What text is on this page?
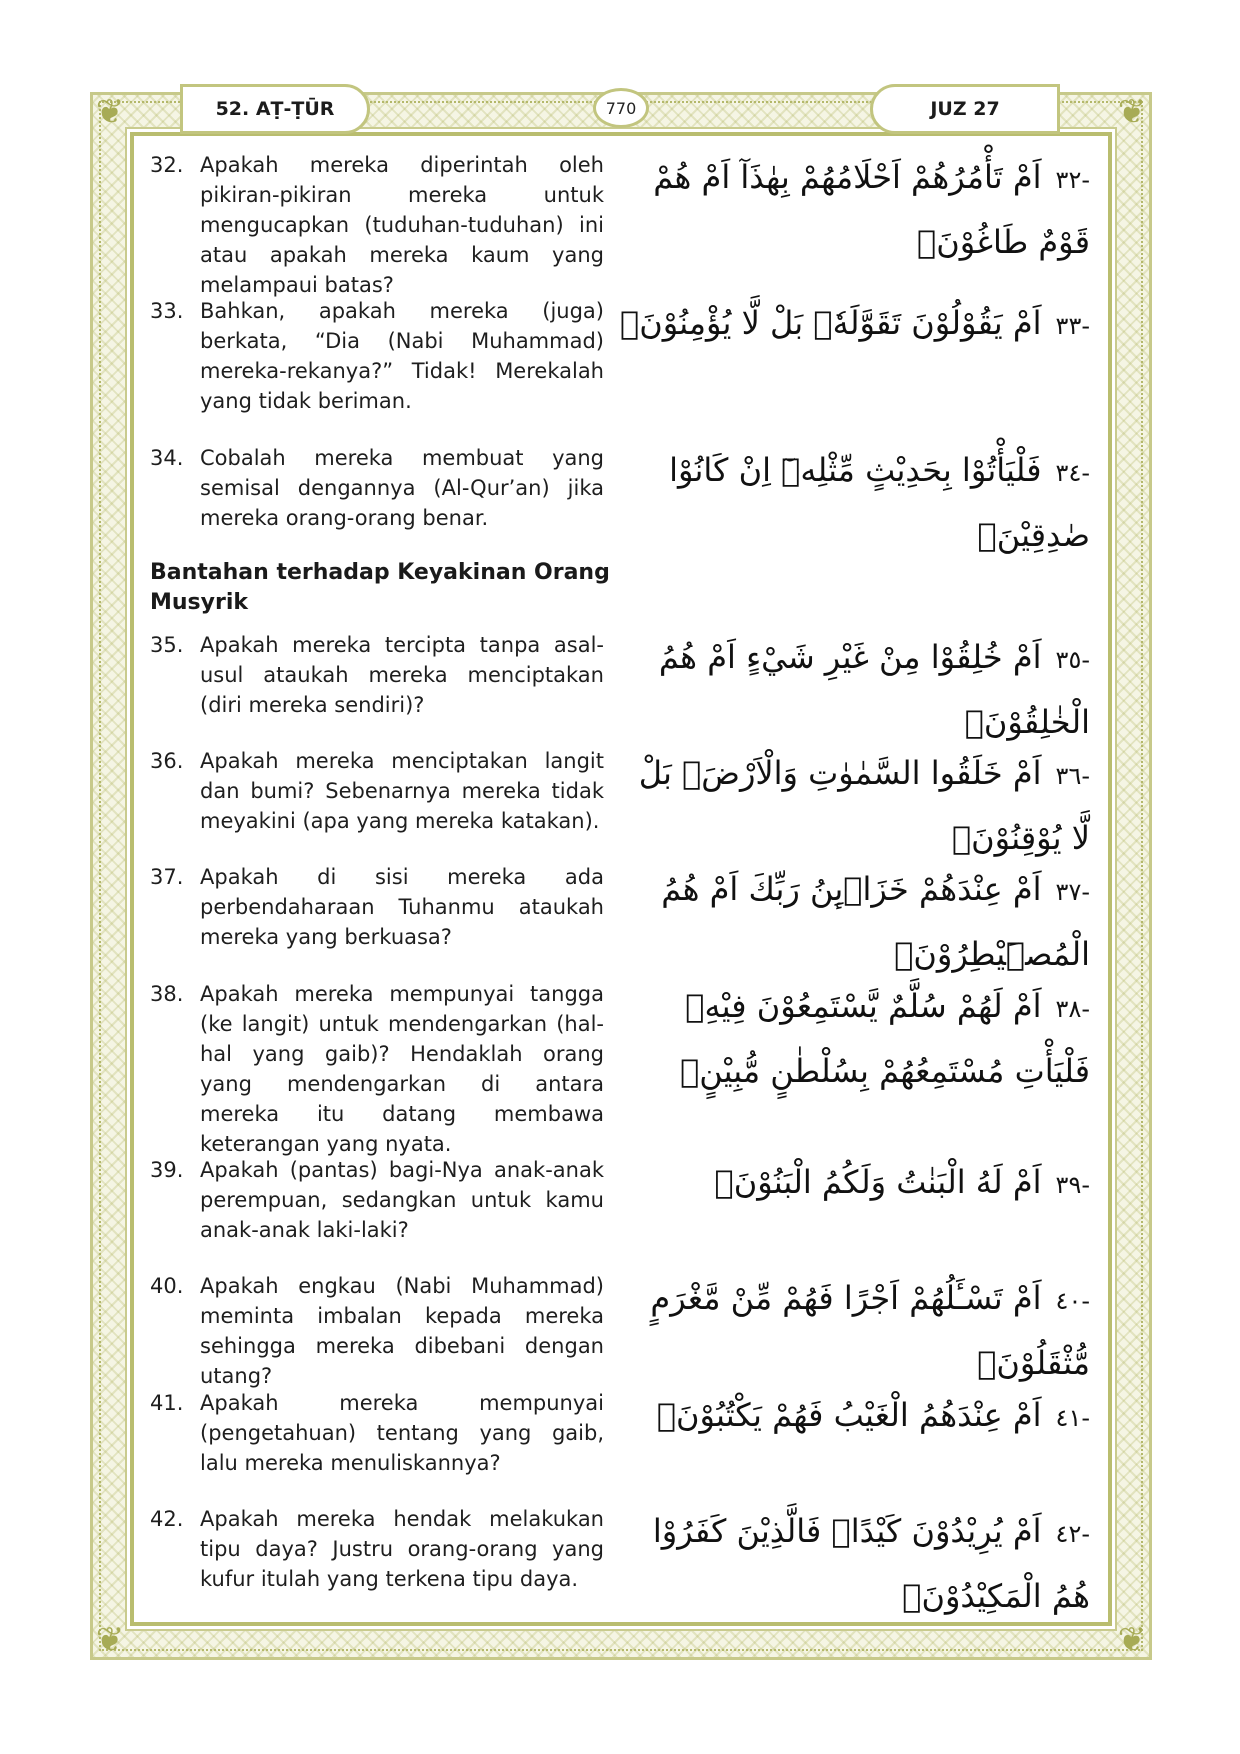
❦	❦
❦	❦
52. AṬ-ṬŪR	770	JUZ 27
32. Apakah mereka diperintah oleh pikiran-pikiran mereka untuk mengucapkan (tuduhan-tuduhan) ini atau apakah mereka kaum yang melampaui batas?
-٣٢اَمْ تَأْمُرُهُمْ اَحْلَامُهُمْ بِهٰذَآ اَمْ هُمْ قَوْمٌ طَاغُوْنَۚ
33. Bahkan, apakah mereka (juga) berkata, “Dia (Nabi Muhammad) mereka-rekanya?” Tidak! Merekalah yang tidak beriman.
-٣٣اَمْ يَقُوْلُوْنَ تَقَوَّلَهٗۚ بَلْ لَّا يُؤْمِنُوْنَۚ
34. Cobalah mereka membuat yang semisal dengannya (Al-Qur’an) jika mereka orang-orang benar.
-٣٤فَلْيَأْتُوْا بِحَدِيْثٍ مِّثْلِهٖٓ اِنْ كَانُوْا صٰدِقِيْنَۗ
Bantahan terhadap Keyakinan Orang Musyrik
35. Apakah mereka tercipta tanpa asal-usul ataukah mereka menciptakan (diri mereka sendiri)?
-٣٥اَمْ خُلِقُوْا مِنْ غَيْرِ شَيْءٍ اَمْ هُمُ الْخٰلِقُوْنَۗ
36. Apakah mereka menciptakan langit dan bumi? Sebenarnya mereka tidak meyakini (apa yang mereka katakan).
-٣٦اَمْ خَلَقُوا السَّمٰوٰتِ وَالْاَرْضَۚ بَلْ لَّا يُوْقِنُوْنَۗ
37. Apakah di sisi mereka ada perbendaharaan Tuhanmu ataukah mereka yang berkuasa?
-٣٧اَمْ عِنْدَهُمْ خَزَاۤىِٕنُ رَبِّكَ اَمْ هُمُ الْمُصَۣيْطِرُوْنَۗ
38. Apakah mereka mempunyai tangga (ke langit) untuk mendengarkan (hal-hal yang gaib)? Hendaklah orang yang mendengarkan di antara mereka itu datang membawa keterangan yang nyata.
-٣٨اَمْ لَهُمْ سُلَّمٌ يَّسْتَمِعُوْنَ فِيْهِۚ فَلْيَأْتِ مُسْتَمِعُهُمْ بِسُلْطٰنٍ مُّبِيْنٍۗ
39. Apakah (pantas) bagi-Nya anak-anak perempuan, sedangkan untuk kamu anak-anak laki-laki?
-٣٩اَمْ لَهُ الْبَنٰتُ وَلَكُمُ الْبَنُوْنَۗ
40. Apakah engkau (Nabi Muhammad) meminta imbalan kepada mereka sehingga mereka dibebani dengan utang?
-٤٠اَمْ تَسْـَٔلُهُمْ اَجْرًا فَهُمْ مِّنْ مَّغْرَمٍ مُّثْقَلُوْنَۗ
41. Apakah mereka mempunyai (pengetahuan) tentang yang gaib, lalu mereka menuliskannya?
-٤١اَمْ عِنْدَهُمُ الْغَيْبُ فَهُمْ يَكْتُبُوْنَۗ
42. Apakah mereka hendak melakukan tipu daya? Justru orang-orang yang kufur itulah yang terkena tipu daya.
-٤٢اَمْ يُرِيْدُوْنَ كَيْدًاۗ فَالَّذِيْنَ كَفَرُوْا هُمُ الْمَكِيْدُوْنَۗ
